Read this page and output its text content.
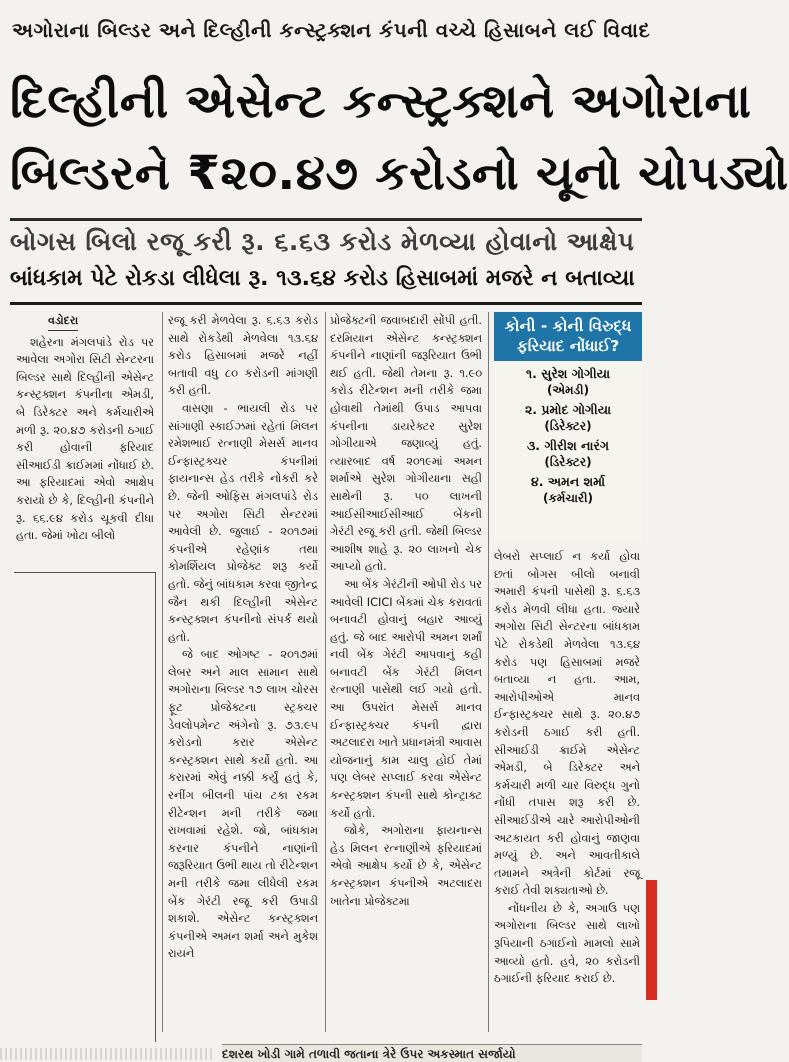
અગોરાના બિલ્ડર અને દિલ્હીની કન્સ્ટ્રક્શન કંપની વચ્ચે હિસાબને લઈ વિવાદ
દિલ્હીની એસેન્ટ કન્સ્ટ્રક્શને અગોરાના
બિલ્ડરને ₹૨૦.૪૭ કરોડનો ચૂનો ચોપડ્યો
બોગસ બિલો રજૂ કરી રૂ. ૬.૬૩ કરોડ મેળવ્યા હોવાનો આક્ષેપ
બાંધકામ પેટે રોકડા લીધેલા રૂ. ૧૩.૬૪ કરોડ હિસાબમાં મજરે ન બતાવ્યા
વડોદરા

શહેરના મંગલપાંડે રોડ પર આવેલા અગોરા સિટી સેન્ટરના બિલ્ડર સાથે દિલ્હીની એસેન્ટ કન્સ્ટ્રક્શન કંપનીના એમડી, બે ડિરેક્ટર અને કર્મચારીએ મળી રૂ. ૨૦.૪૭ કરોડની ઠગાઈ કરી હોવાની ફરિયાદ સીઆઈડી ક્રાઈમમાં નોંધાઈ છે. આ ફરિયાદમાં એવો આક્ષેપ કરાયો છે કે, દિલ્હીની કંપનીને રૂ. ૬૬.૯૪ કરોડ ચૂકવી દીધા હતા. જેમાં ખોટા બીલો

રજૂ કરી મેળવેલા રૂ. ૬.૬૩ કરોડ સાથે રોકડેથી મેળવેલા ૧૩.૬૪ કરોડ હિસાબમાં મજરે નહીં બતાવી વધુ ૮૦ કરોડની માંગણી કરી હતી.

વાસણા - ભાયલી રોડ પર સાંગાણી સ્કાઈઝમાં રહેતાં મિલન રમેશભાઈ રત્નાણી મેસર્સ માનવ ઈન્ફાસ્ટ્રક્ચર કંપનીમાં ફાયનાન્સ હેડ તરીકે નોકરી કરે છે. જેની ઓફિસ મંગલપાંડે રોડ પર અગોરા સિટી સેન્ટરમાં આવેલી છે. જુલાઈ - ૨૦૧૭માં કંપનીએ રહેણાંક તથા કોમર્શિયલ પ્રોજેક્ટ શરૂ કર્યો હતો. જેનું બાંધકામ કરવા જીતેન્દ્ર જૈન થકી દિલ્હીની એસેન્ટ કન્સ્ટ્રક્શન કંપનીનો સંપર્ક થયો હતો.

જે બાદ ઓગષ્ટ - ૨૦૧૭માં લેબર અને માલ સામાન સાથે અગોરાના બિલ્ડર ૧૭ લાખ ચોરસ ફૂટ પ્રોજેક્ટના સ્ટ્રક્ચર ડેવલોપમેન્ટ અંગેનો રૂ. ૭૩.૯૫ કરોડનો કરાર એસેન્ટ કન્સ્ટ્રક્શન સાથે કર્યો હતો. આ કરારમાં એવું નક્કી કર્યું હતું કે, રનીંગ બીલની પાંચ ટકા રકમ રીટેન્શન મની તરીકે જમા રાખવામાં રહેશે. જો, બાંધકામ કરનાર કંપનીને નાણાંની જરૂરિયાત ઉભી થાય તો રીટેન્શન મની તરીકે જમા લીધેલી રકમ બેંક ગેરંટી રજૂ કરી ઉપાડી શકાશે. એસેન્ટ કન્સ્ટ્રક્શન કંપનીએ અમન શર્મા અને મુકેશ રાયને

પ્રોજેક્ટની જવાબદારી સોંપી હતી. દરમિયાન એસેન્ટ કન્સ્ટ્રક્શન કંપનીને નાણાંની જરૂરિયાત ઉભી થઈ હતી. જેથી તેમના રૂ. ૧.૯૦ કરોડ રીટેન્શન મની તરીકે જમા હોવાથી તેમાંથી ઉપાડ આપવા કંપનીના ડાયરેક્ટર સુરેશ ગોગીયાએ જણાવ્યું હતું. ત્યારબાદ વર્ષ ૨૦૧૯માં અમન શર્માએ સુરેશ ગોગીયાના સહી સાથેની રૂ. ૫૦ લાખની આઈસીઆઈસીઆઈ બેંકની ગેરંટી રજૂ કરી હતી. જેથી બિલ્ડર આશીષ શાહે રૂ. ૨૦ લાખનો ચેક આપ્યો હતો.

આ બેંક ગેરંટીની ઓપી રોડ પર આવેલી ICICI બેંકમાં ચેક કરાવતાં બનાવટી હોવાનું બહાર આવ્યું હતું. જે બાદ આરોપી અમન શર્માં નવી બેંક ગેરંટી આપવાનું કહી બનાવટી બેંક ગેરંટી મિલન રત્નાણી પાસેથી લઈ ગયો હતો. આ ઉપરાંત મેસર્સ માનવ ઈન્ફાસ્ટ્રક્ચર કંપની દ્વારા અટલાદરા ખાતે પ્રધાનમંત્રી આવાસ યોજનાનું કામ ચાલુ હોઈ તેમાં પણ લેબર સપ્લાઈ કરવા એસેન્ટ કન્સ્ટ્રક્શન કંપની સાથે કોન્ટ્રાક્ટ કર્યો હતો.

જોકે, અગોરાના ફાયનાન્સ હેડ મિલન રત્નાણીએ ફરિયાદમાં એવો આક્ષેપ કર્યો છે કે, એસેન્ટ કન્સ્ટ્રક્શન કંપનીએ અટલાદરા ખાતેના પ્રોજેક્ટમા

કોની - કોની વિરુદ્ધ
ફરિયાદ નોંધાઈ?
૧. સુરેશ ગોગીયા
(એમડી)
૨. પ્રમોદ ગોગીયા
(ડિરેક્ટર)
૩. ગીરીશ નારંગ
(ડિરેક્ટર)
૪. અમન શર્મા
(કર્મચારી)

લેબરો સપ્લાઈ ન કર્યા હોવા છતાં બોગસ બીલો બનાવી અમારી કંપની પાસેથી રૂ. ૬.૬૩ કરોડ મેળવી લીધા હતા. જ્યારે અગોરા સિટી સેન્ટરના બાંધકામ પેટે રોકડેથી મેળવેલા ૧૩.૬૪ કરોડ પણ હિસાબમાં મજરે બતાવ્યા ન હતા. આમ, આરોપીઓએ માનવ ઈન્ફાસ્ટ્રક્ચર સાથે રૂ. ૨૦.૪૭ કરોડની ઠગાઈ કરી હતી. સીઆઈડી ક્રાઈમે એસેન્ટ એમડી, બે ડિરેક્ટર અને કર્મચારી મળી ચાર વિરુદ્ધ ગુનો નોંધી તપાસ શરૂ કરી છે. સીઆઈડીએ ચારે આરોપીઓની અટકાયત કરી હોવાનું જાણવા મળ્યું છે. અને આવતીકાલે તમામને અત્રેની કોર્ટમાં રજૂ કરાઈ તેવી શક્યતાઓ છે.

નોંધનીય છે કે, અગાઉ પણ અગોરાના બિલ્ડર સાથે લાખો રૂપિયાની ઠગાઈનો મામલો સામે આવ્યો હતો. હવે, ૨૦ કરોડની ઠગાઈની ફરિયાદ કરાઈ છે.

દશરથ ખોડી ગામે તળાવી જતાના ત્રેરે ઉપર અકસ્માત સર્જાયો
